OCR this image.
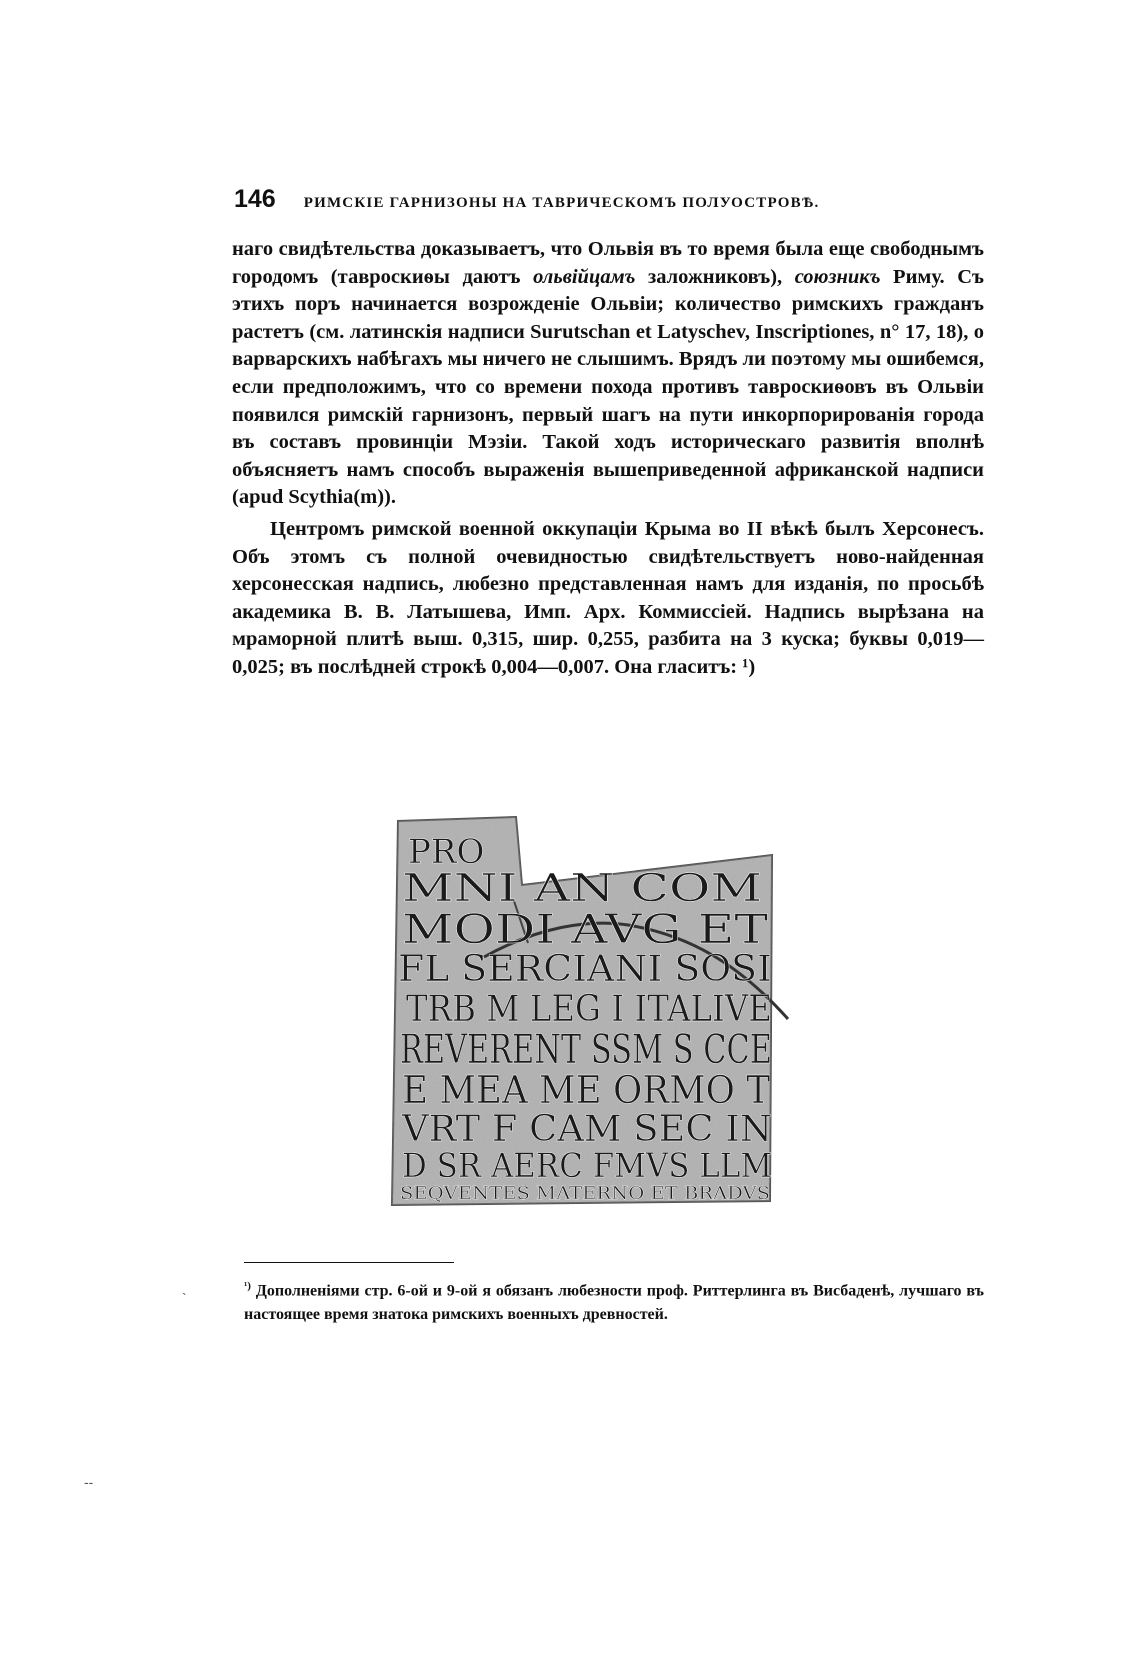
146 РИМСКІЕ ГАРНИЗОНЫ НА ТАВРИЧЕСКОМЪ ПОЛУОСТРОВѢ.

наго свидѣтельства доказываетъ, что Ольвія въ то время была еще свободнымъ городомъ (тавроскиѳы даютъ ольвійцамъ заложниковъ), союзникъ Риму. Съ этихъ поръ начинается возрожденіе Ольвіи; количество римскихъ гражданъ растетъ (см. латинскія надписи Surutschan et Latyschev, Inscriptiones, n° 17, 18), о варварскихъ набѣгахъ мы ничего не слышимъ. Врядъ ли поэтому мы ошибемся, если предположимъ, что со времени похода противъ тавроскиѳовъ въ Ольвіи появился римскій гарнизонъ, первый шагъ на пути инкорпорированія города въ составъ провинціи Мэзіи. Такой ходъ историческаго развитія вполнѣ объясняетъ намъ способъ выраженія вышеприведенной африканской надписи (apud Scythia(m)).

Центромъ римской военной оккупаціи Крыма во II вѣкѣ былъ Херсонесъ. Объ этомъ съ полной очевидностью свидѣтельствуетъ ново-найденная херсонесская надпись, любезно представленная намъ для изданія, по просьбѣ академика В. В. Латышева, Имп. Арх. Коммиссіей. Надпись вырѣзана на мраморной плитѣ выш. 0,315, шир. 0,255, разбита на 3 куска; буквы 0,019—0,025; въ послѣдней строкѣ 0,004—0,007. Она гласитъ: ¹)

PRO
MNI AN COM
MODI AVG ET
FL SERCIANI SOSI
TRB M LEG I ITALIVE
REVERENT SSM S CCE
E MEA ME ORMO T
VRT F CAM SEC IN
D SR AERC FMVS LLM
SEQVENTES MATERNO ET BRADVS
$^{^1)}$ Дополненіями стр. 6-ой и 9-ой я обязанъ любезности проф. Риттерлинга въ Висбаденѣ, лучшаго въ настоящее время знатока римскихъ военныхъ древностей.
`
--
